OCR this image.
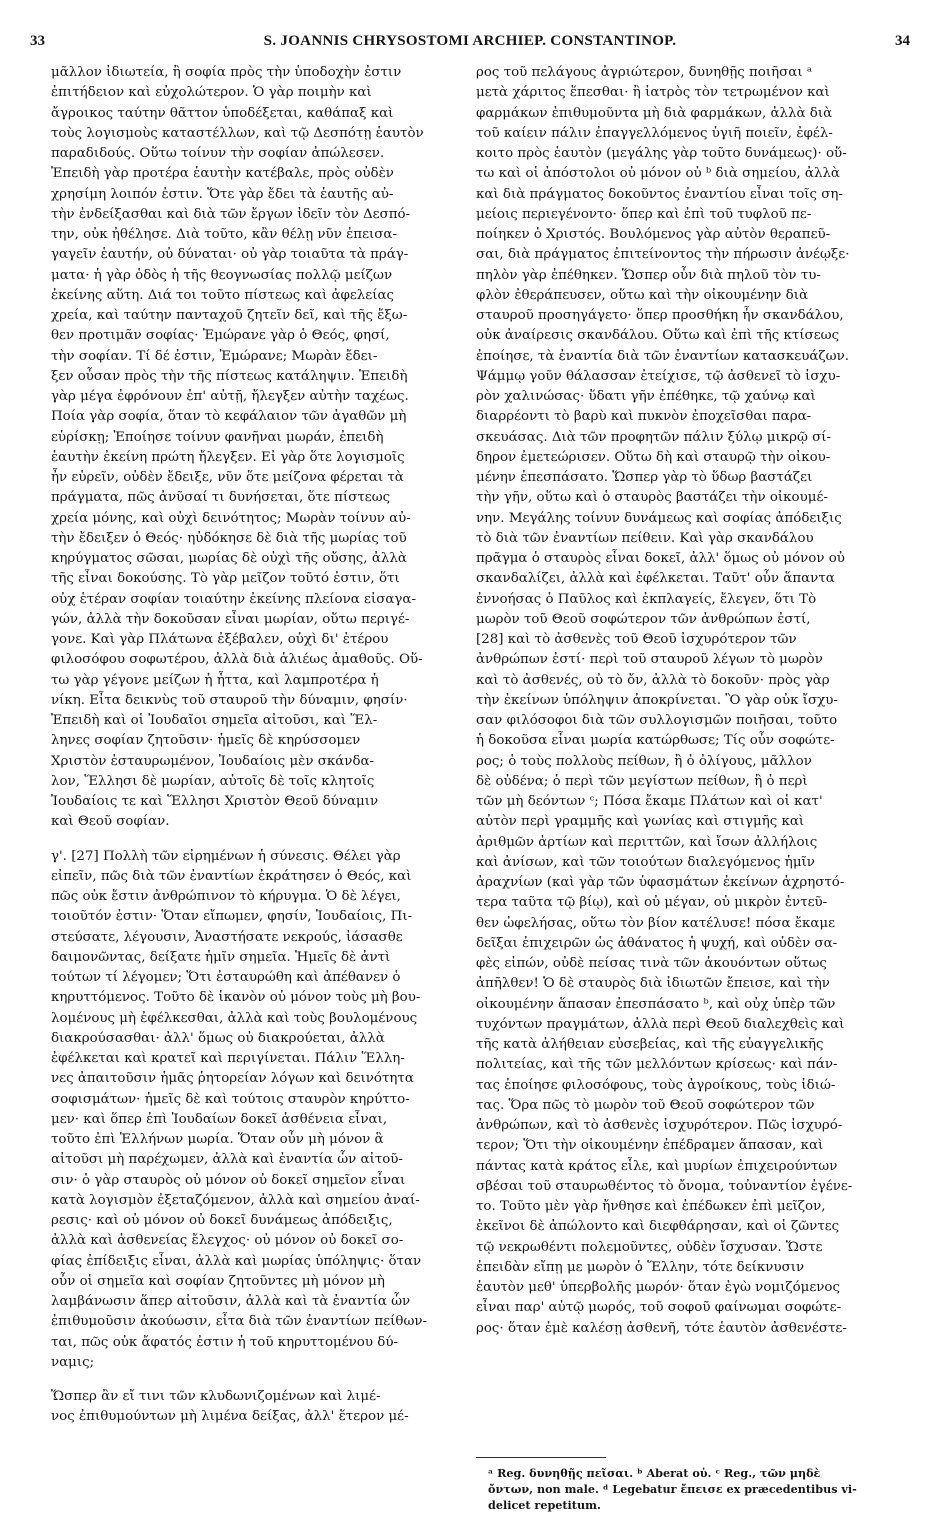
33	S. JOANNIS CHRYSOSTOMI ARCHIEP. CONSTANTINOP.	34
μᾶλλον ἰδιωτεία, ἢ σοφία πρὸς τὴν ὑποδοχὴν ἐστιν
ἐπιτήδειον καὶ εὐχολώτερον. Ὁ γὰρ ποιμὴν καὶ
ἄγροικος ταύτην θᾶττον ὑποδέξεται, καθάπαξ καὶ
τοὺς λογισμοὺς καταστέλλων, καὶ τῷ Δεσπότῃ ἑαυτὸν
παραδιδούς. Οὕτω τοίνυν τὴν σοφίαν ἀπώλεσεν.
Ἐπειδὴ γὰρ προτέρα ἑαυτὴν κατέβαλε, πρὸς οὐδὲν
χρησίμη λοιπόν ἐστιν. Ὅτε γὰρ ἔδει τὰ ἑαυτῆς αὐ-
τὴν ἐνδείξασθαι καὶ διὰ τῶν ἔργων ἰδεῖν τὸν Δεσπό-
την, οὐκ ἠθέλησε. Διὰ τοῦτο, κἂν θέλῃ νῦν ἐπεισα-
γαγεῖν ἑαυτήν, οὐ δύναται· οὐ γὰρ τοιαῦτα τὰ πράγ-
ματα· ἡ γὰρ ὁδὸς ἡ τῆς θεογνωσίας πολλῷ μείζων
ἐκείνης αὕτη. Διά τοι τοῦτο πίστεως καὶ ἀφελείας
χρεία, καὶ ταύτην πανταχοῦ ζητεῖν δεῖ, καὶ τῆς ἔξω-
θεν προτιμᾶν σοφίας· Ἐμώρανε γὰρ ὁ Θεός, φησί,
τὴν σοφίαν. Τί δέ ἐστιν, Ἐμώρανε; Μωρὰν ἔδει-
ξεν οὖσαν πρὸς τὴν τῆς πίστεως κατάληψιν. Ἐπειδὴ
γὰρ μέγα ἐφρόνουν ἐπ' αὐτῇ, ἤλεγξεν αὐτὴν ταχέως.
Ποία γὰρ σοφία, ὅταν τὸ κεφάλαιον τῶν ἀγαθῶν μὴ
εὑρίσκῃ; Ἐποίησε τοίνυν φανῆναι μωράν, ἐπειδὴ
ἑαυτὴν ἐκείνη πρώτη ἤλεγξεν. Εἰ γὰρ ὅτε λογισμοῖς
ἦν εὑρεῖν, οὐδὲν ἔδειξε, νῦν ὅτε μείζονα φέρεται τὰ
πράγματα, πῶς ἀνῦσαί τι δυνήσεται, ὅτε πίστεως
χρεία μόνης, καὶ οὐχὶ δεινότητος; Μωρὰν τοίνυν αὐ-
τὴν ἔδειξεν ὁ Θεός· ηὐδόκησε δὲ διὰ τῆς μωρίας τοῦ
κηρύγματος σῶσαι, μωρίας δὲ οὐχὶ τῆς οὔσης, ἀλλὰ
τῆς εἶναι δοκούσης. Τὸ γὰρ μεῖζον τοῦτό ἐστιν, ὅτι
οὐχ ἑτέραν σοφίαν τοιαύτην ἐκείνης πλείονα εἰσαγα-
γών, ἀλλὰ τὴν δοκοῦσαν εἶναι μωρίαν, οὕτω περιγέ-
γονε. Καὶ γὰρ Πλάτωνα ἐξέβαλεν, οὐχὶ δι' ἑτέρου
φιλοσόφου σοφωτέρου, ἀλλὰ διὰ ἁλιέως ἀμαθοῦς. Οὕ-
τω γὰρ γέγονε μείζων ἡ ἧττα, καὶ λαμπροτέρα ἡ
νίκη. Εἶτα δεικνὺς τοῦ σταυροῦ τὴν δύναμιν, φησίν·
Ἐπειδὴ καὶ οἱ Ἰουδαῖοι σημεῖα αἰτοῦσι, καὶ Ἕλ-
ληνες σοφίαν ζητοῦσιν· ἡμεῖς δὲ κηρύσσομεν
Χριστὸν ἐσταυρωμένον, Ἰουδαίοις μὲν σκάνδα-
λον, Ἕλλησι δὲ μωρίαν, αὐτοῖς δὲ τοῖς κλητοῖς
Ἰουδαίοις τε καὶ Ἕλλησι Χριστὸν Θεοῦ δύναμιν
καὶ Θεοῦ σοφίαν.
γ'. [27] Πολλὴ τῶν εἰρημένων ἡ σύνεσις. Θέλει γὰρ
εἰπεῖν, πῶς διὰ τῶν ἐναντίων ἐκράτησεν ὁ Θεός, καὶ
πῶς οὐκ ἔστιν ἀνθρώπινον τὸ κήρυγμα. Ὁ δὲ λέγει,
τοιοῦτόν ἐστιν· Ὅταν εἴπωμεν, φησίν, Ἰουδαίοις, Πι-
στεύσατε, λέγουσιν, Ἀναστήσατε νεκρούς, ἰάσασθε
δαιμονῶντας, δείξατε ἡμῖν σημεῖα. Ἡμεῖς δὲ ἀντὶ
τούτων τί λέγομεν; Ὅτι ἐσταυρώθη καὶ ἀπέθανεν ὁ
κηρυττόμενος. Τοῦτο δὲ ἱκανὸν οὐ μόνον τοὺς μὴ βου-
λομένους μὴ ἐφέλκεσθαι, ἀλλὰ καὶ τοὺς βουλομένους
διακρούσασθαι· ἀλλ' ὅμως οὐ διακρούεται, ἀλλὰ
ἐφέλκεται καὶ κρατεῖ καὶ περιγίνεται. Πάλιν Ἕλλη-
νες ἀπαιτοῦσιν ἡμᾶς ῥητορείαν λόγων καὶ δεινότητα
σοφισμάτων· ἡμεῖς δὲ καὶ τούτοις σταυρὸν κηρύττο-
μεν· καὶ ὅπερ ἐπὶ Ἰουδαίων δοκεῖ ἀσθένεια εἶναι,
τοῦτο ἐπὶ Ἑλλήνων μωρία. Ὅταν οὖν μὴ μόνον ἃ
αἰτοῦσι μὴ παρέχωμεν, ἀλλὰ καὶ ἐναντία ὧν αἰτοῦ-
σιν· ὁ γὰρ σταυρὸς οὐ μόνον οὐ δοκεῖ σημεῖον εἶναι
κατὰ λογισμὸν ἐξεταζόμενον, ἀλλὰ καὶ σημείου ἀναί-
ρεσις· καὶ οὐ μόνον οὐ δοκεῖ δυνάμεως ἀπόδειξις,
ἀλλὰ καὶ ἀσθενείας ἔλεγχος· οὐ μόνον οὐ δοκεῖ σο-
φίας ἐπίδειξις εἶναι, ἀλλὰ καὶ μωρίας ὑπόληψις· ὅταν
οὖν οἱ σημεῖα καὶ σοφίαν ζητοῦντες μὴ μόνον μὴ
λαμβάνωσιν ἅπερ αἰτοῦσιν, ἀλλὰ καὶ τὰ ἐναντία ὧν
ἐπιθυμοῦσιν ἀκούωσιν, εἶτα διὰ τῶν ἐναντίων πείθων-
ται, πῶς οὐκ ἄφατός ἐστιν ἡ τοῦ κηρυττομένου δύ-
ναμις;
Ὥσπερ ἂν εἴ τινι τῶν κλυδωνιζομένων καὶ λιμέ-
νος ἐπιθυμούντων μὴ λιμένα δείξας, ἀλλ' ἕτερον μέ-
ρος τοῦ πελάγους ἀγριώτερον, δυνηθῇς ποιῆσαι ᵃ
μετὰ χάριτος ἕπεσθαι· ἢ ἰατρὸς τὸν τετρωμένον καὶ
φαρμάκων ἐπιθυμοῦντα μὴ διὰ φαρμάκων, ἀλλὰ διὰ
τοῦ καίειν πάλιν ἐπαγγελλόμενος ὑγιῆ ποιεῖν, ἐφέλ-
κοιτο πρὸς ἑαυτὸν (μεγάλης γὰρ τοῦτο δυνάμεως)· οὕ-
τω καὶ οἱ ἀπόστολοι οὐ μόνον οὐ ᵇ διὰ σημείου, ἀλλὰ
καὶ διὰ πράγματος δοκοῦντος ἐναντίου εἶναι τοῖς ση-
μείοις περιεγένοντο· ὅπερ καὶ ἐπὶ τοῦ τυφλοῦ πε-
ποίηκεν ὁ Χριστός. Βουλόμενος γὰρ αὐτὸν θεραπεῦ-
σαι, διὰ πράγματος ἐπιτείνοντος τὴν πήρωσιν ἀνέῳξε·
πηλὸν γὰρ ἐπέθηκεν. Ὥσπερ οὖν διὰ πηλοῦ τὸν τυ-
φλὸν ἐθεράπευσεν, οὕτω καὶ τὴν οἰκουμένην διὰ
σταυροῦ προσηγάγετο· ὅπερ προσθήκη ἦν σκανδάλου,
οὐκ ἀναίρεσις σκανδάλου. Οὕτω καὶ ἐπὶ τῆς κτίσεως
ἐποίησε, τὰ ἐναντία διὰ τῶν ἐναντίων κατασκευάζων.
Ψάμμῳ γοῦν θάλασσαν ἐτείχισε, τῷ ἀσθενεῖ τὸ ἰσχυ-
ρὸν χαλινώσας· ὕδατι γῆν ἐπέθηκε, τῷ χαύνῳ καὶ
διαρρέοντι τὸ βαρὺ καὶ πυκνὸν ἐποχεῖσθαι παρα-
σκευάσας. Διὰ τῶν προφητῶν πάλιν ξύλῳ μικρῷ σί-
δηρον ἐμετεώρισεν. Οὕτω δὴ καὶ σταυρῷ τὴν οἰκου-
μένην ἐπεσπάσατο. Ὥσπερ γὰρ τὸ ὕδωρ βαστάζει
τὴν γῆν, οὕτω καὶ ὁ σταυρὸς βαστάζει τὴν οἰκουμέ-
νην. Μεγάλης τοίνυν δυνάμεως καὶ σοφίας ἀπόδειξις
τὸ διὰ τῶν ἐναντίων πείθειν. Καὶ γὰρ σκανδάλου
πρᾶγμα ὁ σταυρὸς εἶναι δοκεῖ, ἀλλ' ὅμως οὐ μόνον οὐ
σκανδαλίζει, ἀλλὰ καὶ ἐφέλκεται. Ταῦτ' οὖν ἅπαντα
ἐννοήσας ὁ Παῦλος καὶ ἐκπλαγείς, ἔλεγεν, ὅτι Τὸ
μωρὸν τοῦ Θεοῦ σοφώτερον τῶν ἀνθρώπων ἐστί,
[28] καὶ τὸ ἀσθενὲς τοῦ Θεοῦ ἰσχυρότερον τῶν
ἀνθρώπων ἐστί· περὶ τοῦ σταυροῦ λέγων τὸ μωρὸν
καὶ τὸ ἀσθενές, οὐ τὸ ὄν, ἀλλὰ τὸ δοκοῦν· πρὸς γὰρ
τὴν ἐκείνων ὑπόληψιν ἀποκρίνεται. Ὃ γὰρ οὐκ ἴσχυ-
σαν φιλόσοφοι διὰ τῶν συλλογισμῶν ποιῆσαι, τοῦτο
ἡ δοκοῦσα εἶναι μωρία κατώρθωσε; Τίς οὖν σοφώτε-
ρος; ὁ τοὺς πολλοὺς πείθων, ἢ ὁ ὀλίγους, μᾶλλον
δὲ οὐδένα; ὁ περὶ τῶν μεγίστων πείθων, ἢ ὁ περὶ
τῶν μὴ δεόντων ᶜ; Πόσα ἔκαμε Πλάτων καὶ οἱ κατ'
αὐτὸν περὶ γραμμῆς καὶ γωνίας καὶ στιγμῆς καὶ
ἀριθμῶν ἀρτίων καὶ περιττῶν, καὶ ἴσων ἀλλήλοις
καὶ ἀνίσων, καὶ τῶν τοιούτων διαλεγόμενος ἡμῖν
ἀραχνίων (καὶ γὰρ τῶν ὑφασμάτων ἐκείνων ἀχρηστό-
τερα ταῦτα τῷ βίῳ), καὶ οὐ μέγαν, οὐ μικρὸν ἐντεῦ-
θεν ὠφελήσας, οὕτω τὸν βίον κατέλυσε! πόσα ἔκαμε
δεῖξαι ἐπιχειρῶν ὡς ἀθάνατος ἡ ψυχή, καὶ οὐδὲν σα-
φὲς εἰπών, οὐδὲ πείσας τινὰ τῶν ἀκουόντων οὕτως
ἀπῆλθεν! Ὁ δὲ σταυρὸς διὰ ἰδιωτῶν ἔπεισε, καὶ τὴν
οἰκουμένην ἅπασαν ἐπεσπάσατο ᵇ, καὶ οὐχ ὑπὲρ τῶν
τυχόντων πραγμάτων, ἀλλὰ περὶ Θεοῦ διαλεχθεὶς καὶ
τῆς κατὰ ἀλήθειαν εὐσεβείας, καὶ τῆς εὐαγγελικῆς
πολιτείας, καὶ τῆς τῶν μελλόντων κρίσεως· καὶ πάν-
τας ἐποίησε φιλοσόφους, τοὺς ἀγροίκους, τοὺς ἰδιώ-
τας. Ὅρα πῶς τὸ μωρὸν τοῦ Θεοῦ σοφώτερον τῶν
ἀνθρώπων, καὶ τὸ ἀσθενὲς ἰσχυρότερον. Πῶς ἰσχυρό-
τερον; Ὅτι τὴν οἰκουμένην ἐπέδραμεν ἅπασαν, καὶ
πάντας κατὰ κράτος εἷλε, καὶ μυρίων ἐπιχειρούντων
σβέσαι τοῦ σταυρωθέντος τὸ ὄνομα, τοὐναντίον ἐγένε-
το. Τοῦτο μὲν γὰρ ἤνθησε καὶ ἐπέδωκεν ἐπὶ μεῖζον,
ἐκεῖνοι δὲ ἀπώλοντο καὶ διεφθάρησαν, καὶ οἱ ζῶντες
τῷ νεκρωθέντι πολεμοῦντες, οὐδὲν ἴσχυσαν. Ὥστε
ἐπειδὰν εἴπῃ με μωρὸν ὁ Ἕλλην, τότε δείκνυσιν
ἑαυτὸν μεθ' ὑπερβολῆς μωρόν· ὅταν ἐγὼ νομιζόμενος
εἶναι παρ' αὐτῷ μωρός, τοῦ σοφοῦ φαίνωμαι σοφώτε-
ρος· ὅταν ἐμὲ καλέσῃ ἀσθενῆ, τότε ἑαυτὸν ἀσθενέστε-
ᵃ Reg. δυνηθῇς πεῖσαι. ᵇ Aberat οὐ. ᶜ Reg., τῶν μηδὲ
ὄντων, non male. ᵈ Legebatur ἔπεισε ex præcedentibus vi-
delicet repetitum.
